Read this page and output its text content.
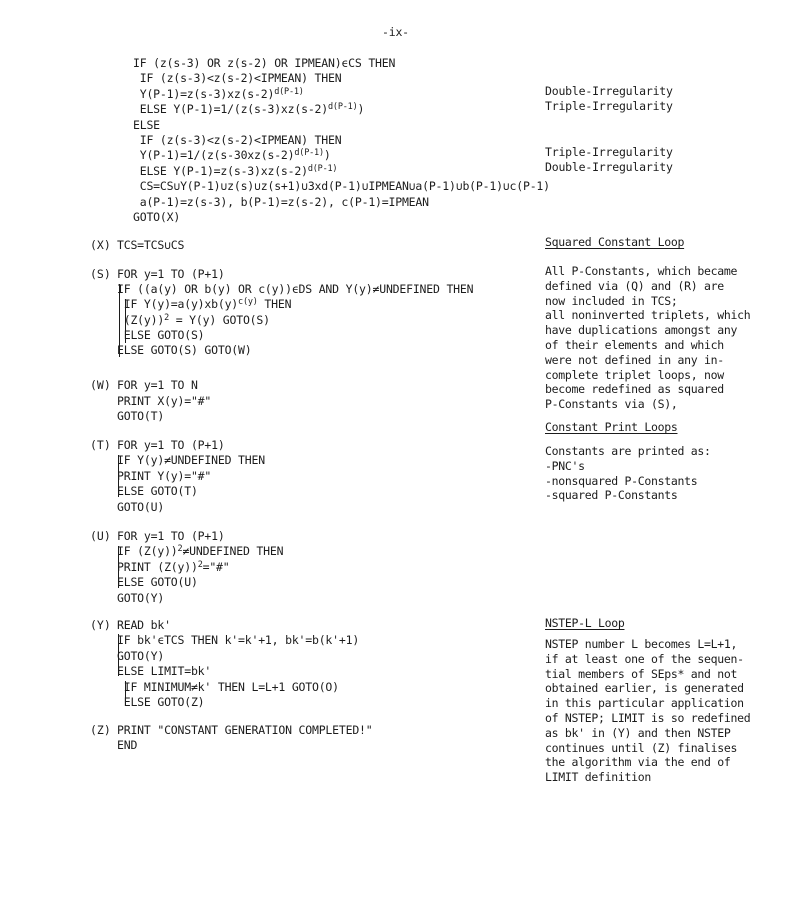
-ix-
IF (z(s-3) OR z(s-2) OR IPMEAN)ϵCS THEN
IF (z(s-3)<z(s-2)<IPMEAN) THEN
$Y(P-1)=z(s-3)xz(s-2)^{d(P-1)}$
ELSE $Y(P-1)=1/(z(s-3)xz(s-2)^{d(P-1)})$
ELSE
IF (z(s-3)<z(s-2)<IPMEAN) THEN
$Y(P-1)=1/(z(s-30xz(s-2)^{d(P-1)})$
ELSE $Y(P-1)=z(s-3)xz(s-2)^{d(P-1)}$
CS=CS∪Y(P-1)∪z(s)∪z(s+1)∪3xd(P-1)∪IPMEAN∪a(P-1)∪b(P-1)∪c(P-1)
a(P-1)=z(s-3), b(P-1)=z(s-2), c(P-1)=IPMEAN
GOTO(X)
Double-Irregularity
Triple-Irregularity
Triple-Irregularity
Double-Irregularity
(X) TCS=TCS∪CS
(S) FOR y=1 TO (P+1)
IF ((a(y) OR b(y) OR c(y))ϵDS AND Y(y)≠UNDEFINED THEN
IF $Y(y)=a(y)xb(y)^{c(y)}$ THEN
$(Z(y))^2 = Y(y)$ GOTO(S)
ELSE GOTO(S)
ELSE GOTO(S) GOTO(W)
(W) FOR y=1 TO N
PRINT X(y)="#"
GOTO(T)
(T) FOR y=1 TO (P+1)
IF Y(y)≠UNDEFINED THEN
PRINT Y(y)="#"
ELSE GOTO(T)
GOTO(U)
(U) FOR y=1 TO (P+1)
IF $(Z(y))^2\ne UNDEFINED$ THEN
PRINT $(Z(y))^2="\#$"
ELSE GOTO(U)
GOTO(Y)
(Y) READ bk'
IF bk'ϵTCS THEN k'=k'+1, bk'=b(k'+1)
GOTO(Y)
ELSE LIMIT=bk'
IF MINIMUM≠k' THEN L=L+1 GOTO(O)
ELSE GOTO(Z)
(Z) PRINT "CONSTANT GENERATION COMPLETED!"
END
Squared Constant Loop
All P-Constants, which became
defined via (Q) and (R) are
now included in TCS;
all noninverted triplets, which
have duplications amongst any
of their elements and which
were not defined in any in-
complete triplet loops, now
become redefined as squared
P-Constants via (S),
Constant Print Loops
Constants are printed as:
-PNC's
-nonsquared P-Constants
-squared P-Constants
NSTEP-L Loop
NSTEP number L becomes L=L+1,
if at least one of the sequen-
tial members of SEps* and not
obtained earlier, is generated
in this particular application
of NSTEP; LIMIT is so redefined
as bk' in (Y) and then NSTEP
continues until (Z) finalises
the algorithm via the end of
LIMIT definition
